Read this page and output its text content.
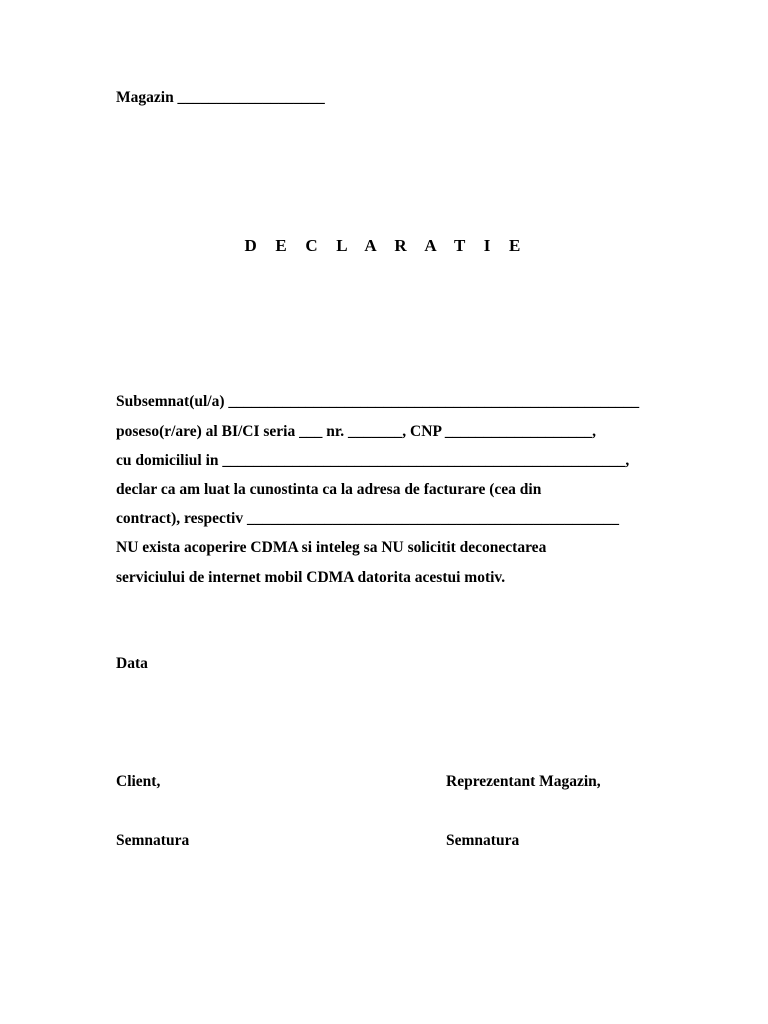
Magazin ___________________
D E C L A R A T I E
Subsemnat(ul/a) _____________________________________________________
poseso(r/are) al BI/CI seria ___ nr. _______, CNP ___________________,
cu domiciliul in ____________________________________________________,
declar ca am luat la cunostinta ca la adresa de facturare (cea din
contract), respectiv ________________________________________________
NU exista acoperire CDMA si inteleg sa NU solicitit deconectarea
serviciului de internet mobil CDMA datorita acestui motiv.
Data
Client,	Reprezentant Magazin,
Semnatura	Semnatura
